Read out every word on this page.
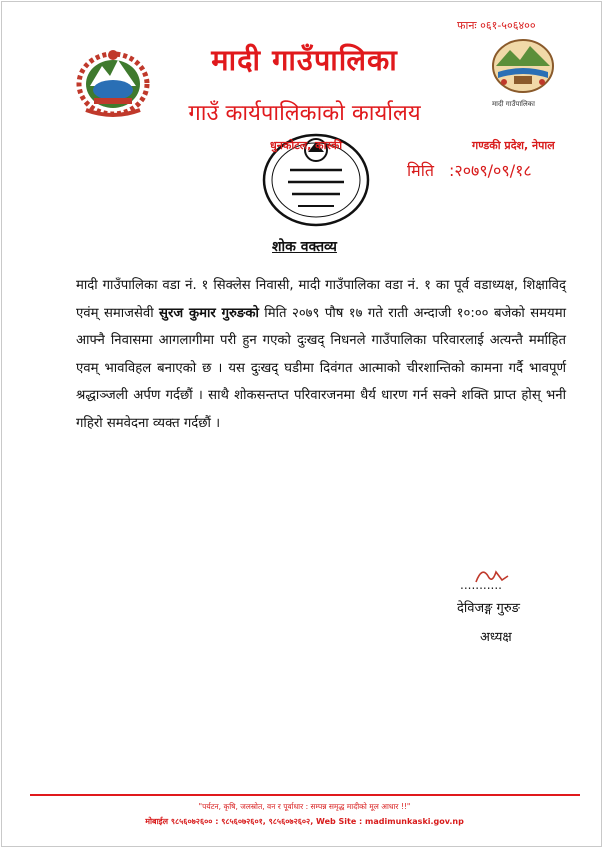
फानः ०६१-५०६४००
मादी गाउँपालिका
गाउँ कार्यपालिकाको कार्यालय	मादी गाउँपालिका
धुनकोटल, कास्की	गण्डकी प्रदेश, नेपाल
मिति :२०७९/०९/१८
शोक वक्तव्य
मादी गाउँपालिका वडा नं. १ सिक्लेस निवासी, मादी गाउँपालिका वडा नं. १ का पूर्व वडाध्यक्ष, शिक्षाविद् एवंम् समाजसेवी सुरज कुमार गुरुङको मिति २०७९ पौष १७ गते राती अन्दाजी १०:०० बजेको समयमा आफ्नै निवासमा आगलागीमा परी हुन गएको दुःखद् निधनले गाउँपालिका परिवारलाई अत्यन्तै मर्माहित एवम् भावविहल बनाएको छ । यस दुःखद् घडीमा दिवंगत आत्माको चीरशान्तिको कामना गर्दै भावपूर्ण श्रद्धाञ्जली अर्पण गर्दछौं । साथै शोकसन्तप्त परिवारजनमा धैर्य धारण गर्न सक्ने शक्ति प्राप्त होस् भनी गहिरो समवेदना व्यक्त गर्दछौं ।
...........
देविजङ्ग गुरुङ
अध्यक्ष
"पर्यटन, कृषि, जलस्रोत, वन र पूर्वाधार : सम्पन्न समृद्ध मादीको मूल आधार !!"
मोबाईल ९८५६०७२६०० : ९८५६०७२६०१, ९८५६०७२६०२, Web Site : madimunkaski.gov.np
